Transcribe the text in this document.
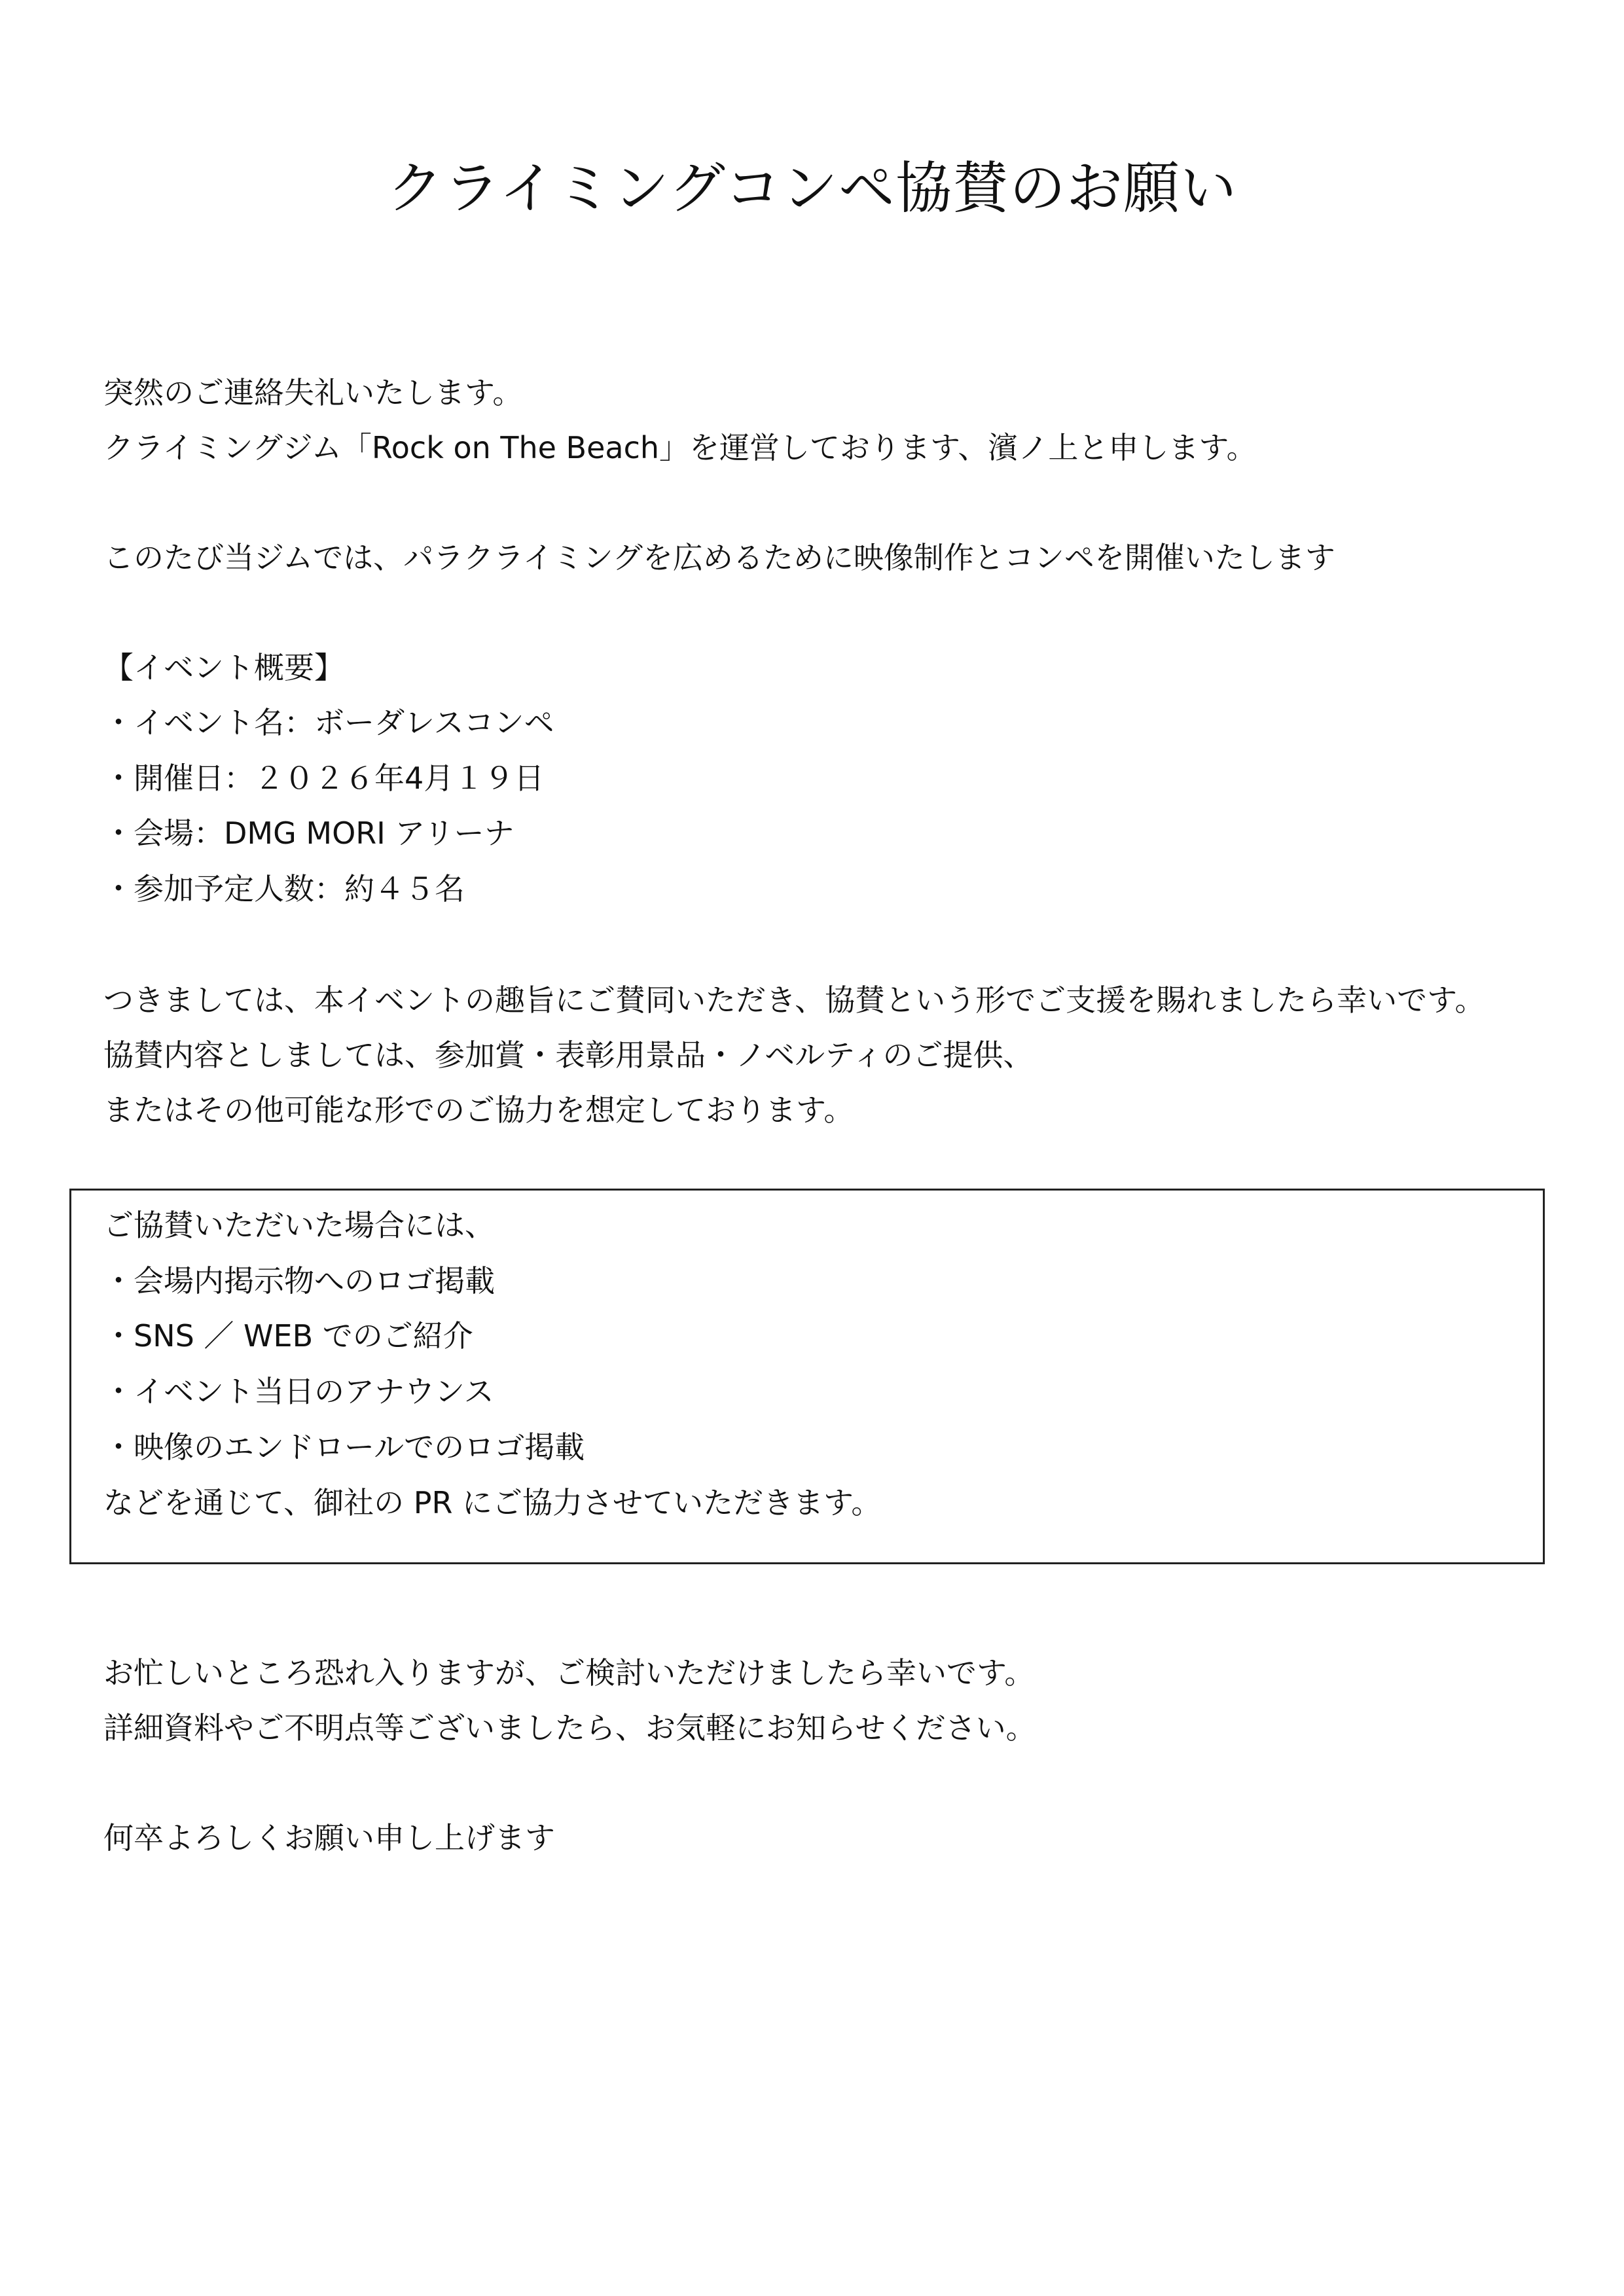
クライミングコンペ協賛のお願い
突然のご連絡失礼いたします。
クライミングジム「Rock on The Beach」を運営しております、濱ノ上と申します。
このたび当ジムでは、パラクライミングを広めるために映像制作とコンペを開催いたします
【イベント概要】
・イベント名：ボーダレスコンペ
・開催日：２０２６年4月１９日
・会場：DMG MORI アリーナ
・参加予定人数：約４５名
つきましては、本イベントの趣旨にご賛同いただき、協賛という形でご支援を賜れましたら幸いです。
協賛内容としましては、参加賞・表彰用景品・ノベルティのご提供、
またはその他可能な形でのご協力を想定しております。
ご協賛いただいた場合には、
・会場内掲示物へのロゴ掲載
・SNS ／ WEB でのご紹介
・イベント当日のアナウンス
・映像のエンドロールでのロゴ掲載
などを通じて、御社の PR にご協力させていただきます。
お忙しいところ恐れ入りますが、ご検討いただけましたら幸いです。
詳細資料やご不明点等ございましたら、お気軽にお知らせください。
何卒よろしくお願い申し上げます
